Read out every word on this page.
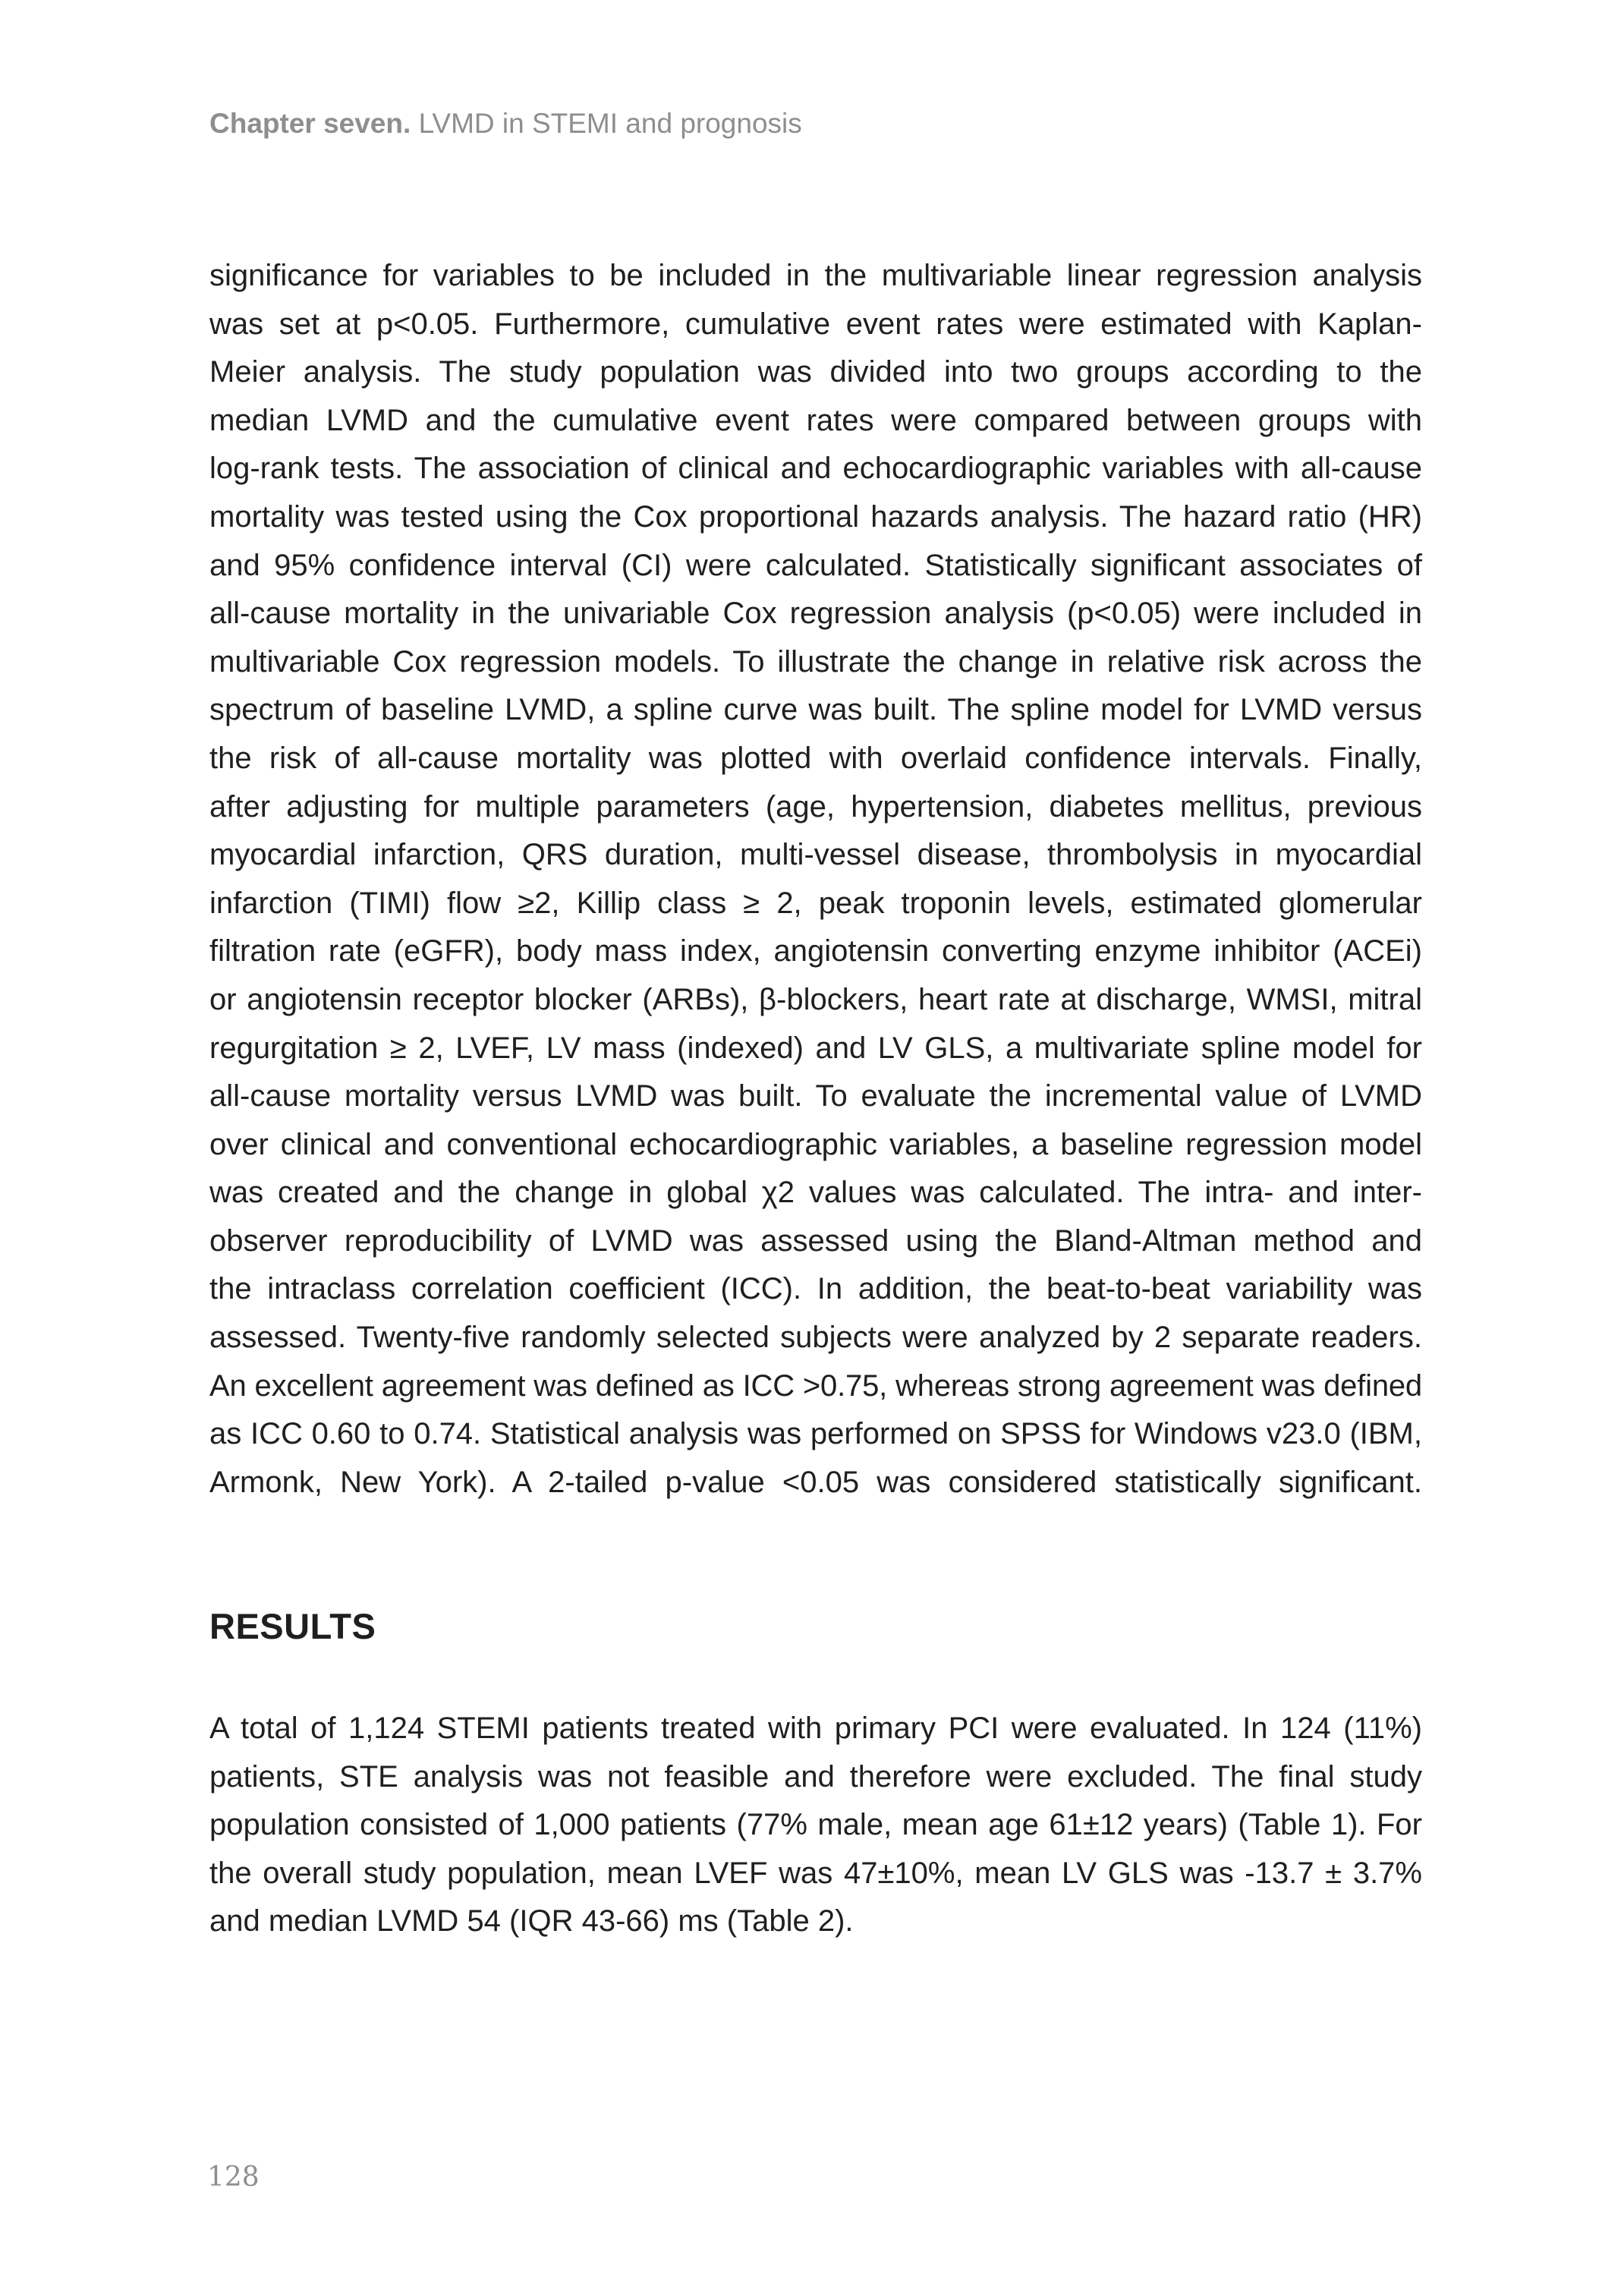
Chapter seven. LVMD in STEMI and prognosis
significance for variables to be included in the multivariable linear regression analysis
was set at p<0.05. Furthermore, cumulative event rates were estimated with Kaplan-
Meier analysis. The study population was divided into two groups according to the
median LVMD and the cumulative event rates were compared between groups with
log-rank tests. The association of clinical and echocardiographic variables with all-cause
mortality was tested using the Cox proportional hazards analysis. The hazard ratio (HR)
and 95% confidence interval (CI) were calculated. Statistically significant associates of
all-cause mortality in the univariable Cox regression analysis (p<0.05) were included in
multivariable Cox regression models. To illustrate the change in relative risk across the
spectrum of baseline LVMD, a spline curve was built. The spline model for LVMD versus
the risk of all-cause mortality was plotted with overlaid confidence intervals. Finally,
after adjusting for multiple parameters (age, hypertension, diabetes mellitus, previous
myocardial infarction, QRS duration, multi-vessel disease, thrombolysis in myocardial
infarction (TIMI) flow ≥2, Killip class ≥ 2, peak troponin levels, estimated glomerular
filtration rate (eGFR), body mass index, angiotensin converting enzyme inhibitor (ACEi)
or angiotensin receptor blocker (ARBs), β-blockers, heart rate at discharge, WMSI, mitral
regurgitation ≥ 2, LVEF, LV mass (indexed) and LV GLS, a multivariate spline model for
all-cause mortality versus LVMD was built. To evaluate the incremental value of LVMD
over clinical and conventional echocardiographic variables, a baseline regression model
was created and the change in global χ2 values was calculated. The intra- and inter-
observer reproducibility of LVMD was assessed using the Bland-Altman method and
the intraclass correlation coefficient (ICC). In addition, the beat-to-beat variability was
assessed. Twenty-five randomly selected subjects were analyzed by 2 separate readers.
An excellent agreement was defined as ICC >0.75, whereas strong agreement was defined
as ICC 0.60 to 0.74. Statistical analysis was performed on SPSS for Windows v23.0 (IBM,
Armonk, New York). A 2-tailed p-value <0.05 was considered statistically significant.
RESULTS
A total of 1,124 STEMI patients treated with primary PCI were evaluated. In 124 (11%)
patients, STE analysis was not feasible and therefore were excluded. The final study
population consisted of 1,000 patients (77% male, mean age 61±12 years) (Table 1). For
the overall study population, mean LVEF was 47±10%, mean LV GLS was -13.7 ± 3.7%
and median LVMD 54 (IQR 43-66) ms (Table 2).
128
